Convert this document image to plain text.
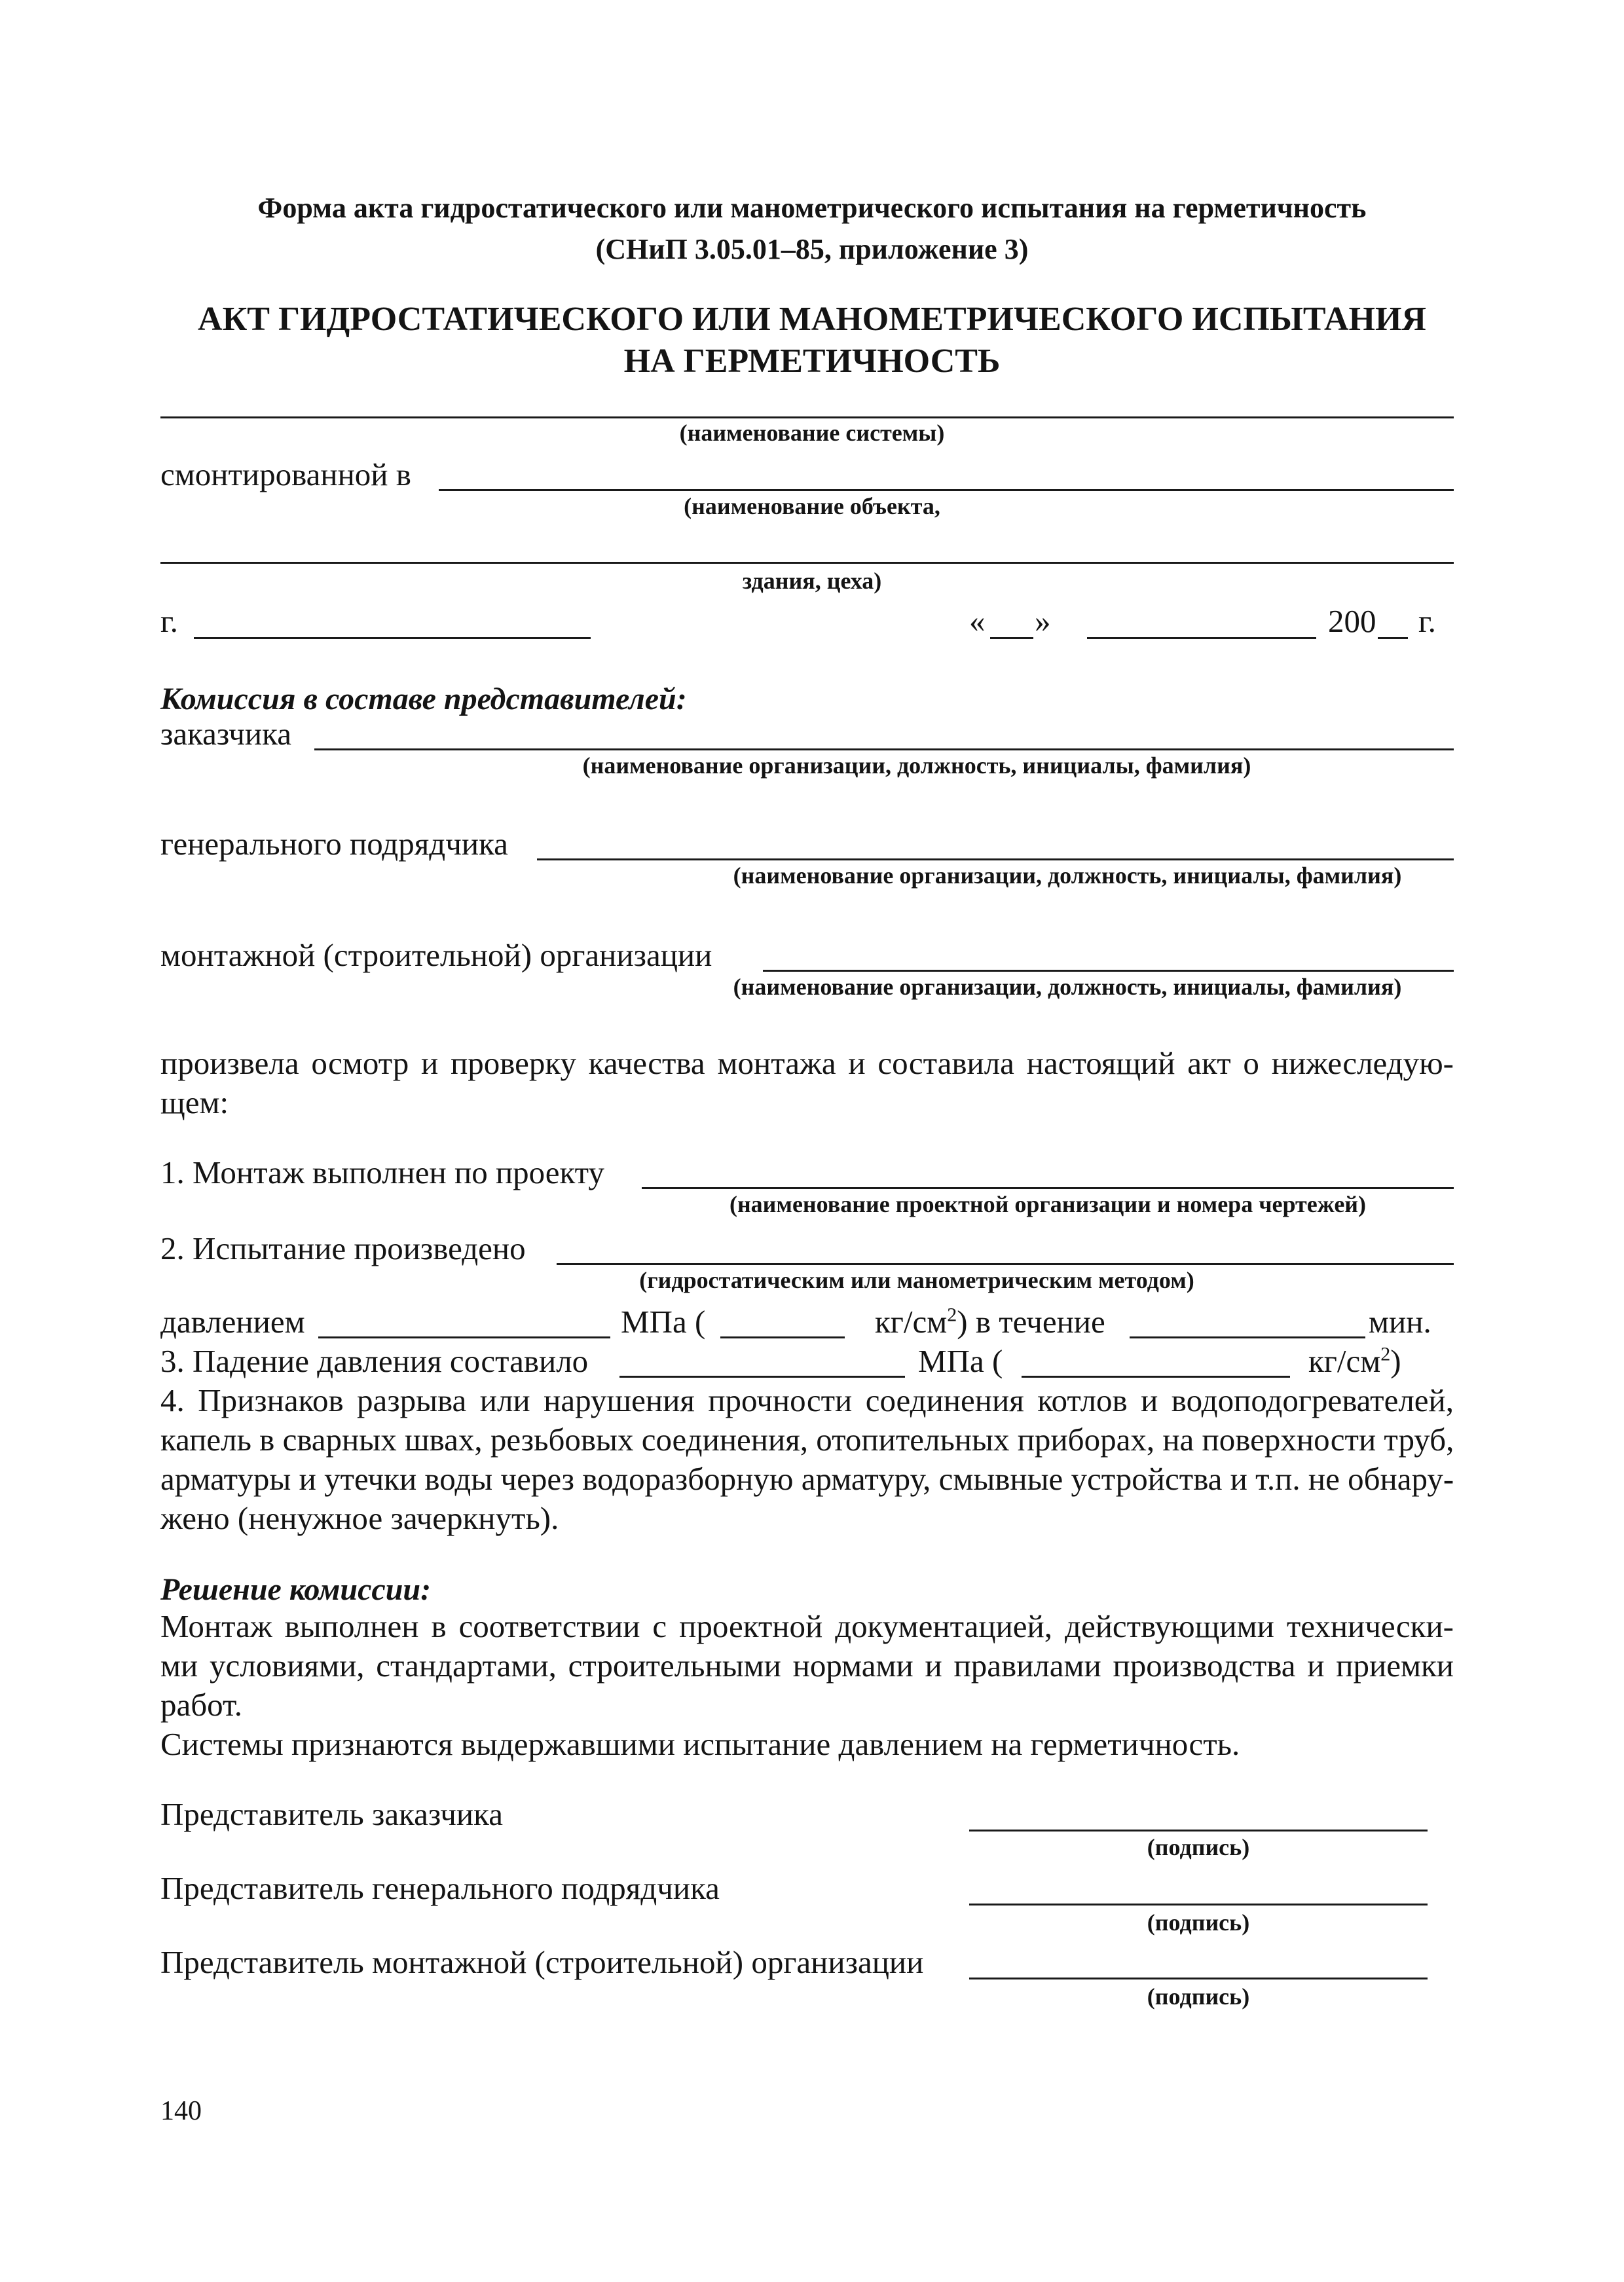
Форма акта гидростатического или манометрического испытания на герметичность
(СНиП 3.05.01–85, приложение 3)
АКТ ГИДРОСТАТИЧЕСКОГО ИЛИ МАНОМЕТРИЧЕСКОГО ИСПЫТАНИЯ
НА ГЕРМЕТИЧНОСТЬ
(наименование системы)
смонтированной в
(наименование объекта,
здания, цеха)
г.	« »	200 г.
Комиссия в составе представителей:
заказчика
(наименование организации, должность, инициалы, фамилия)
генерального подрядчика
(наименование организации, должность, инициалы, фамилия)
монтажной (строительной) организации
(наименование организации, должность, инициалы, фамилия)
произвела осмотр и проверку качества монтажа и составила настоящий акт о нижеследую-
щем:
1. Монтаж выполнен по проекту
(наименование проектной организации и номера чертежей)
2. Испытание произведено
(гидростатическим или манометрическим методом)
давлением	МПа (	$кг/см^2$) в течение	мин.
3. Падение давления составило	МПа (	$кг/см^2$)
4. Признаков разрыва или нарушения прочности соединения котлов и водоподогревателей,
капель в сварных швах, резьбовых соединения, отопительных приборах, на поверхности труб,
арматуры и утечки воды через водоразборную арматуру, смывные устройства и т.п. не обнару-
жено (ненужное зачеркнуть).
Решение комиссии:
Монтаж выполнен в соответствии с проектной документацией, действующими технически-
ми условиями, стандартами, строительными нормами и правилами производства и приемки
работ.
Системы признаются выдержавшими испытание давлением на герметичность.
Представитель заказчика
(подпись)
Представитель генерального подрядчика
(подпись)
Представитель монтажной (строительной) организации
(подпись)
140
